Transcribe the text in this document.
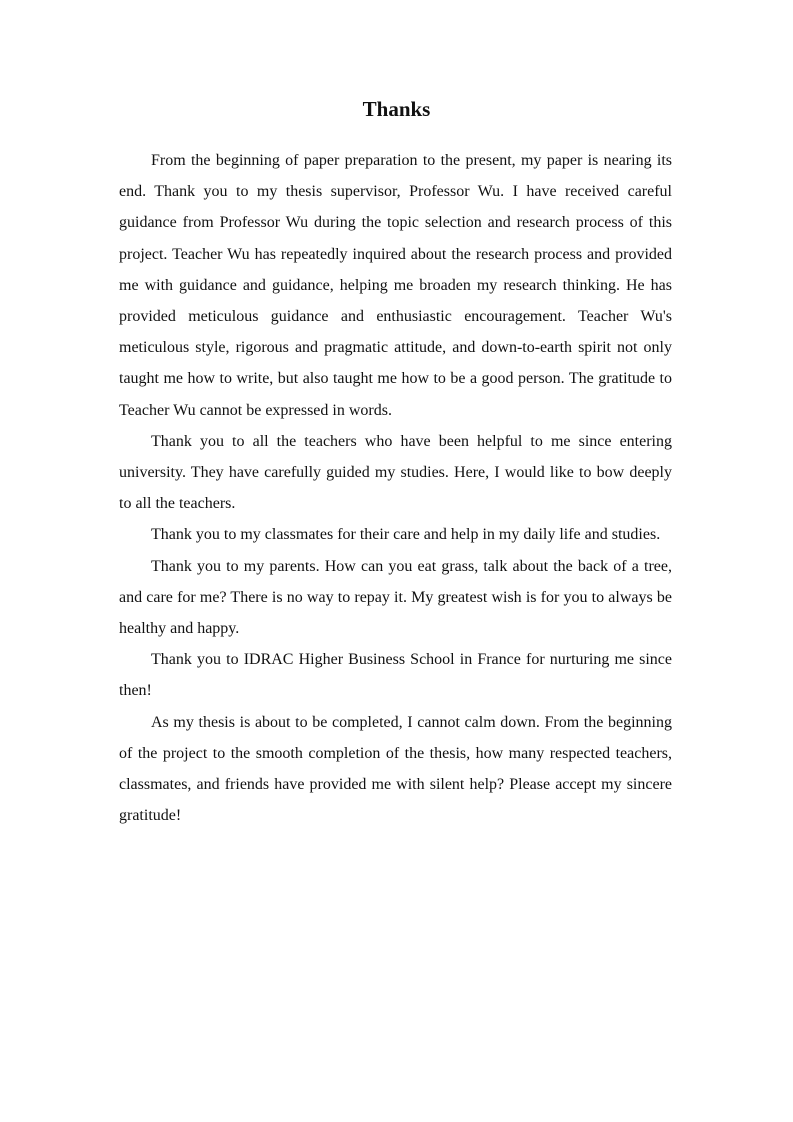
Thanks

From the beginning of paper preparation to the present, my paper is nearing its end. Thank you to my thesis supervisor, Professor Wu. I have received careful guidance from Professor Wu during the topic selection and research process of this project. Teacher Wu has repeatedly inquired about the research process and provided me with guidance and guidance, helping me broaden my research thinking. He has provided meticulous guidance and enthusiastic encouragement. Teacher Wu's meticulous style, rigorous and pragmatic attitude, and down-to-earth spirit not only taught me how to write, but also taught me how to be a good person. The gratitude to Teacher Wu cannot be expressed in words.

Thank you to all the teachers who have been helpful to me since entering university. They have carefully guided my studies. Here, I would like to bow deeply to all the teachers.

Thank you to my classmates for their care and help in my daily life and studies.

Thank you to my parents. How can you eat grass, talk about the back of a tree, and care for me? There is no way to repay it. My greatest wish is for you to always be healthy and happy.

Thank you to IDRAC Higher Business School in France for nurturing me since then!

As my thesis is about to be completed, I cannot calm down. From the beginning of the project to the smooth completion of the thesis, how many respected teachers, classmates, and friends have provided me with silent help? Please accept my sincere gratitude!
